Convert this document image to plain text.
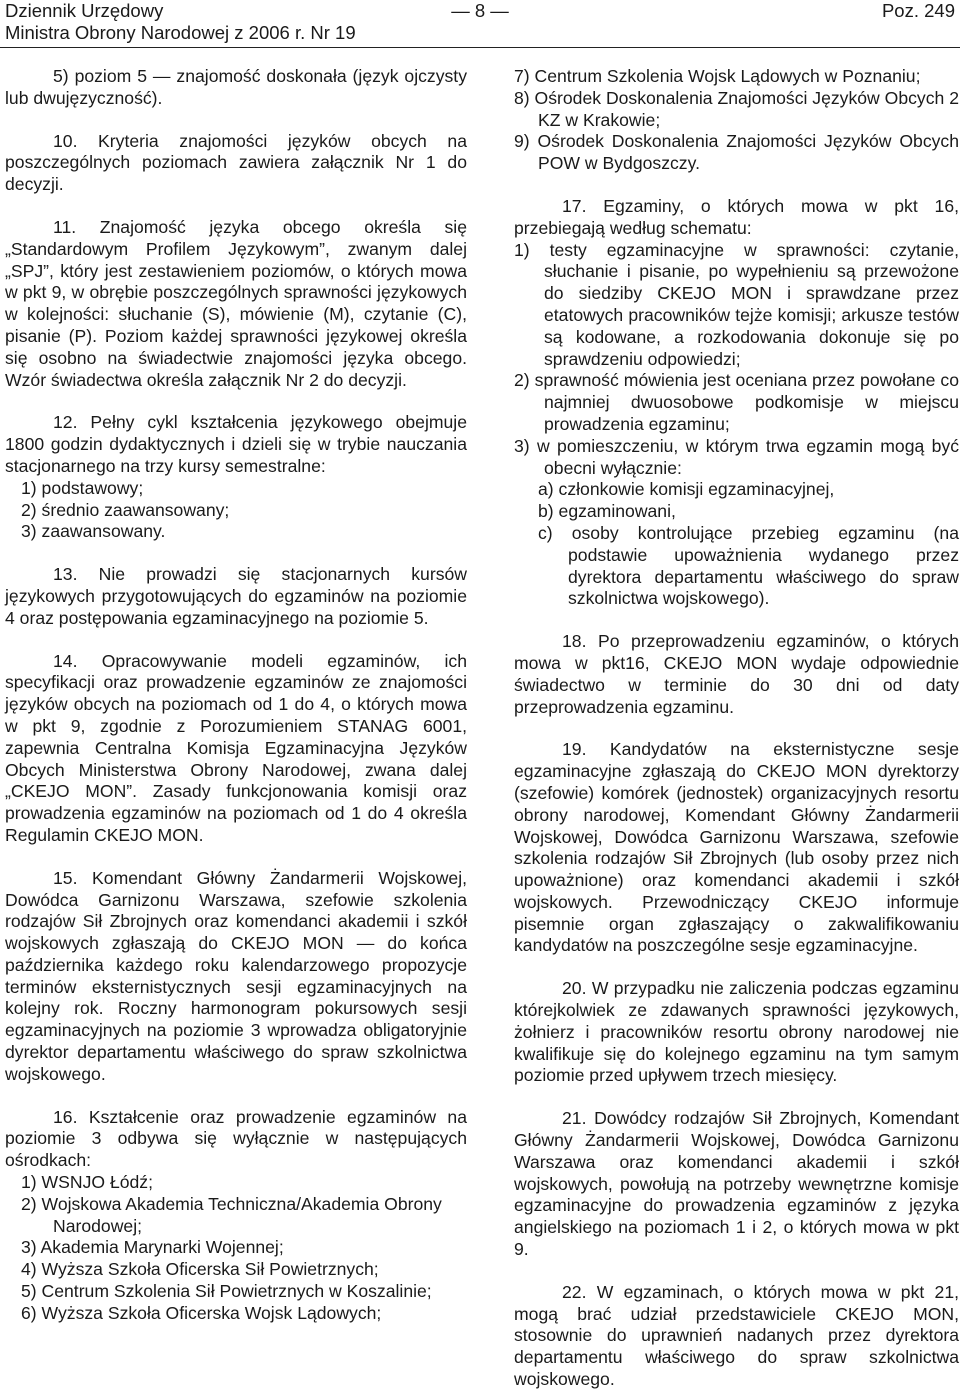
Dziennik Urzędowy
Ministra Obrony Narodowej z 2006 r. Nr 19
— 8 —	Poz. 249

5) poziom 5 — znajomość doskonała (język ojczysty lub dwujęzyczność).

10. Kryteria znajomości języków obcych na poszczególnych poziomach zawiera załącznik Nr 1 do decyzji.

11. Znajomość języka obcego określa się „Standardowym Profilem Językowym”, zwanym dalej „SPJ”, który jest zestawieniem poziomów, o których mowa w pkt 9, w obrębie poszczególnych sprawności językowych w kolejności: słuchanie (S), mówienie (M), czytanie (C), pisanie (P). Poziom każdej sprawności językowej określa się osobno na świadectwie znajomości języka obcego. Wzór świadectwa określa załącznik Nr 2 do decyzji.

12. Pełny cykl kształcenia językowego obejmuje 1800 godzin dydaktycznych i dzieli się w trybie nauczania stacjonarnego na trzy kursy semestralne:

1) podstawowy;

2) średnio zaawansowany;

3) zaawansowany.

13. Nie prowadzi się stacjonarnych kursów językowych przygotowujących do egzaminów na poziomie 4 oraz postępowania egzaminacyjnego na poziomie 5.

14. Opracowywanie modeli egzaminów, ich specyfikacji oraz prowadzenie egzaminów ze znajomości języków obcych na poziomach od 1 do 4, o których mowa w pkt 9, zgodnie z Porozumieniem STANAG 6001, zapewnia Centralna Komisja Egzaminacyjna Języków Obcych Ministerstwa Obrony Narodowej, zwana dalej „CKEJO MON”. Zasady funkcjonowania komisji oraz prowadzenia egzaminów na poziomach od 1 do 4 określa Regulamin CKEJO MON.

15. Komendant Główny Żandarmerii Wojskowej, Dowódca Garnizonu Warszawa, szefowie szkolenia rodzajów Sił Zbrojnych oraz komendanci akademii i szkół wojskowych zgłaszają do CKEJO MON — do końca października każdego roku kalendarzowego propozycje terminów eksternistycznych sesji egzaminacyjnych na kolejny rok. Roczny harmonogram pokursowych sesji egzaminacyjnych na poziomie 3 wprowadza obligatoryjnie dyrektor departamentu właściwego do spraw szkolnictwa wojskowego.

16. Kształcenie oraz prowadzenie egzaminów na poziomie 3 odbywa się wyłącznie w następujących ośrodkach:

1) WSNJO Łódź;

2) Wojskowa Akademia Techniczna/Akademia Obrony Narodowej;

3) Akademia Marynarki Wojennej;

4) Wyższa Szkoła Oficerska Sił Powietrznych;

5) Centrum Szkolenia Sił Powietrznych w Koszalinie;

6) Wyższa Szkoła Oficerska Wojsk Lądowych;

7) Centrum Szkolenia Wojsk Lądowych w Poznaniu;

8) Ośrodek Doskonalenia Znajomości Języków Obcych 2 KZ w Krakowie;

9) Ośrodek Doskonalenia Znajomości Języków Obcych POW w Bydgoszczy.

17. Egzaminy, o których mowa w pkt 16, przebiegają według schematu:

1) testy egzaminacyjne w sprawności: czytanie, słuchanie i pisanie, po wypełnieniu są przewożone do siedziby CKEJO MON i sprawdzane przez etatowych pracowników tejże komisji; arkusze testów są kodowane, a rozkodowania dokonuje się po sprawdzeniu odpowiedzi;

2) sprawność mówienia jest oceniana przez powołane co najmniej dwuosobowe podkomisje w miejscu prowadzenia egzaminu;

3) w pomieszczeniu, w którym trwa egzamin mogą być obecni wyłącznie:

a) członkowie komisji egzaminacyjnej,

b) egzaminowani,

c) osoby kontrolujące przebieg egzaminu (na podstawie upoważnienia wydanego przez dyrektora departamentu właściwego do spraw szkolnictwa wojskowego).

18. Po przeprowadzeniu egzaminów, o których mowa w pkt16, CKEJO MON wydaje odpowiednie świadectwo w terminie do 30 dni od daty przeprowadzenia egzaminu.

19. Kandydatów na eksternistyczne sesje egzaminacyjne zgłaszają do CKEJO MON dyrektorzy (szefowie) komórek (jednostek) organizacyjnych resortu obrony narodowej, Komendant Główny Żandarmerii Wojskowej, Dowódca Garnizonu Warszawa, szefowie szkolenia rodzajów Sił Zbrojnych (lub osoby przez nich upoważnione) oraz komendanci akademii i szkół wojskowych. Przewodniczący CKEJO informuje pisemnie organ zgłaszający o zakwalifikowaniu kandydatów na poszczególne sesje egzaminacyjne.

20. W przypadku nie zaliczenia podczas egzaminu którejkolwiek ze zdawanych sprawności językowych, żołnierz i pracowników resortu obrony narodowej nie kwalifikuje się do kolejnego egzaminu na tym samym poziomie przed upływem trzech miesięcy.

21. Dowódcy rodzajów Sił Zbrojnych, Komendant Główny Żandarmerii Wojskowej, Dowódca Garnizonu Warszawa oraz komendanci akademii i szkół wojskowych, powołują na potrzeby wewnętrzne komisje egzaminacyjne do prowadzenia egzaminów z języka angielskiego na poziomach 1 i 2, o których mowa w pkt 9.

22. W egzaminach, o których mowa w pkt 21, mogą brać udział przedstawiciele CKEJO MON, stosownie do uprawnień nadanych przez dyrektora departamentu właściwego do spraw szkolnictwa wojskowego.
